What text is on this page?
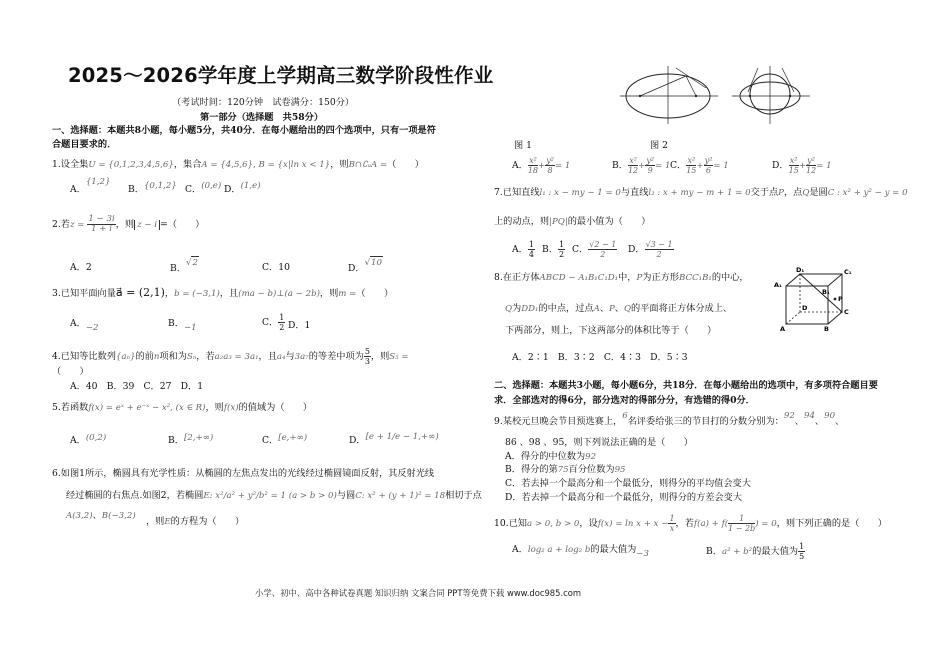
2025～2026学年度上学期高三数学阶段性作业
（考试时间：120分钟　试卷满分：150分）
第一部分（选择题　共58分）
一、选择题：本题共8小题，每小题5分，共40分．在每小题给出的四个选项中，只有一项是符
合题目要求的．
1.设全集U = {0,1,2,3,4,5,6}，集合A = {4,5,6}, B = {x|ln x < 1}，则B∩∁ᵤA =（　　）
A．{1,2}
B．{0,1,2} C．(0,e) D．(1,e)
2.若$z = \frac{1 - 3i}{1 + i}$ ，则 z − i =（　　）
A．2	B．√2	C．10	D．√10
3.已知平面向量a⃗ = (2,1)，b = (−3,1)，且(ma − b)⊥(a − 2b)，则m =（　　）
A．−2	B．−1	C． $\frac{1}{2}$ D．1
4.已知等比数列{aₙ}的前n项和为Sₙ，若a₂a₃ = 3a₁，且a₄与3a₇的等差中项为 $\frac{5}{3}$ ，则S₅ =
（　　）
A．40　 B．39　 C．27　 D．1
5.若函数f(x) = eˣ + e⁻ˣ − x², (x ∈ R)，则f(x)的值域为（　　）
A．(0,2)	B．[2,+∞)	C．[e,+∞)	D．[e + 1/e − 1,+∞)
6.如图1所示，椭圆具有光学性质：从椭圆的左焦点发出的光线经过椭圆镜面反射，其反射光线
经过椭圆的右焦点.如图2，若椭圆E: x²/a² + y²/b² = 1 (a > b > 0)与圆C: x² + (y + 1)² = 18相切于点
A(3,2)、B(−3,2) ，则E的方程为（　　）
图 1	图 2
A． $\frac{\text{x²}}{18} + \frac{\text{y²}}{8} = 1$	B． $\frac{\text{x²}}{12} + \frac{\text{y²}}{9} = 1$ C． $\frac{\text{x²}}{15} + \frac{\text{y²}}{6} = 1$	D． $\frac{\text{x²}}{15} + \frac{\text{y²}}{12} = 1$
7.已知直线l₁ : x − my − 1 = 0与直线l₂ : x + my − m + 1 = 0交于点P，点Q是圆C : x² + y² − y = 0
上的动点，则|PQ|的最小值为（　　）
A． $\frac{1}{4}$ B． $\frac{1}{2}$ C． $\frac{√2 - 1}{2}$ D． $\frac{√3 - 1}{2}$
8.在正方体ABCD − A₁B₁C₁D₁中，P为正方形BCC₁B₁的中心，
Q为DD₁的中点，过点A、P、Q的平面将正方体分成上、
下两部分，则上，下这两部分的体积比等于（　　）
A．2∶1　B．3∶2　C．4∶3　D．5∶3
D₁	C₁
A₁
B₁
P
D	C
A	B
二、选择题：本题共3小题，每小题6分，共18分．在每小题给出的选项中，有多项符合题目要
求．全部选对的得6分，部分选对的得部分分，有选错的得0分．
9.某校元旦晚会节目预选赛上，6名评委给张三的节目打的分数分别为：92、94、90、
86 、98 、95，则下列说法正确的是（　　）
A．得分的中位数为92
B．得分的第75百分位数为95
C．若去掉一个最高分和一个最低分，则得分的平均值会变大
D．若去掉一个最高分和一个最低分，则得分的方差会变大
10.已知a > 0, b > 0，设$f(x) = \ln x + x - \frac{1}{x}$ ，若$f(a) + f( \frac{1}{1 - 2b}$ ) = 0，则下列正确的是（　　）
A．log₂ a + log₂ b的最大值为−3	B．a² + b²的最大值为 $\frac{1}{5}$
小学、初中、高中各种试卷真题 知识归纳 文案合同 PPT等免费下载 www.doc985.com
